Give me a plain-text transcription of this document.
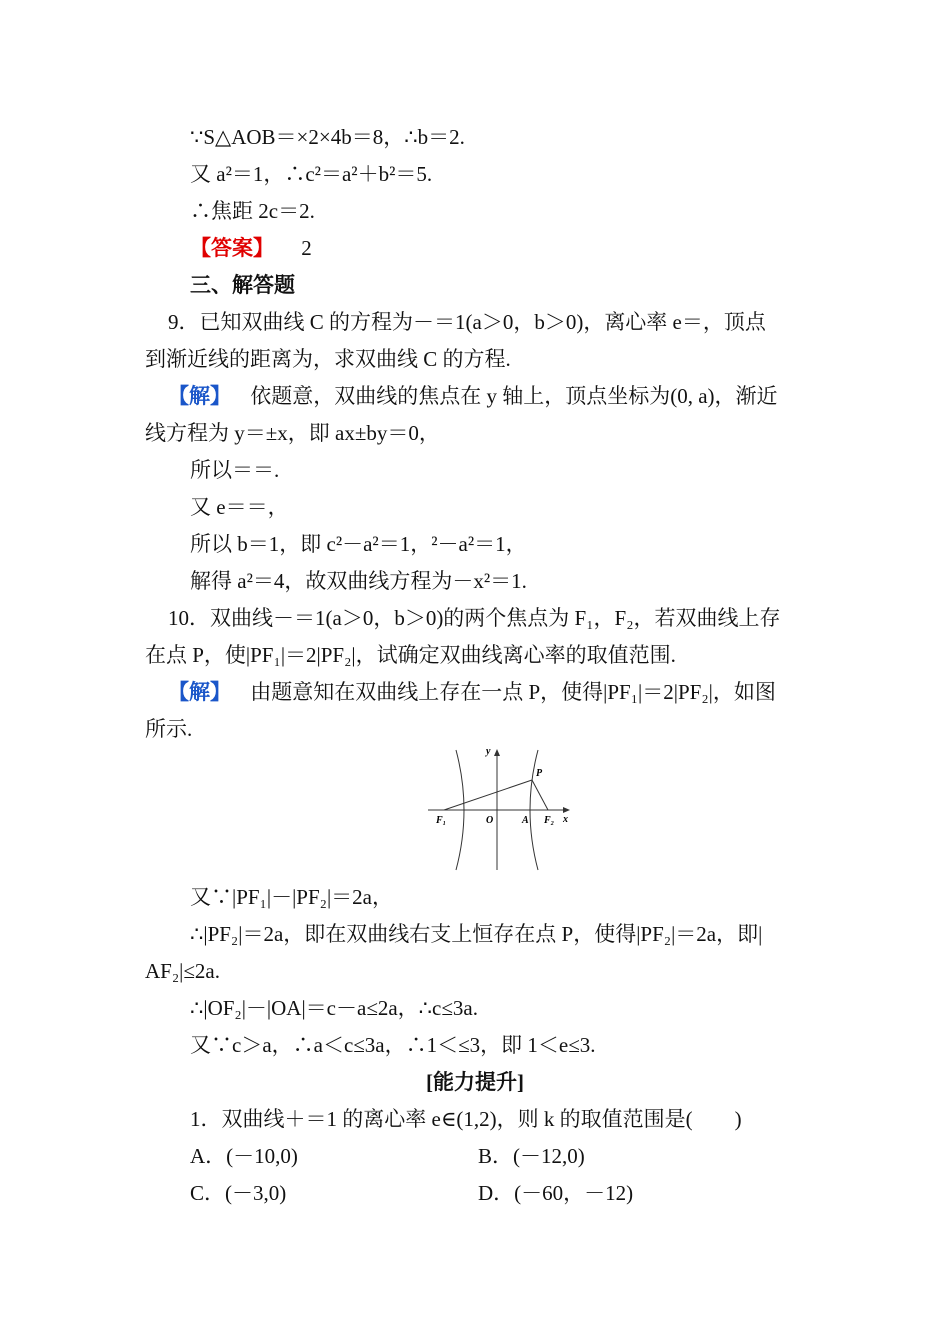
∵S△AOB＝×2×4b＝8，∴b＝2.
又 a²＝1，∴c²＝a²＋b²＝5.
∴焦距 2c＝2.
【答案】 2
三、解答题
9．已知双曲线 C 的方程为－＝1(a＞0，b＞0)，离心率 e＝，顶点
到渐近线的距离为，求双曲线 C 的方程.
【解】 依题意，双曲线的焦点在 y 轴上，顶点坐标为(0, a)，渐近
线方程为 y＝±x，即 ax±by＝0，
所以＝＝.
又 e＝＝，
所以 b＝1，即 c²－a²＝1，²－a²＝1，
解得 a²＝4，故双曲线方程为－x²＝1.
10．双曲线－＝1(a＞0，b＞0)的两个焦点为 F₁，F₂，若双曲线上存
在点 P，使|PF₁|＝2|PF₂|，试确定双曲线离心率的取值范围.
【解】 由题意知在双曲线上存在一点 P，使得|PF₁|＝2|PF₂|，如图
所示.
y
x
P
F₁	O	A F₂
又∵|PF₁|－|PF₂|＝2a，
∴|PF₂|＝2a，即在双曲线右支上恒存在点 P，使得|PF₂|＝2a，即|
AF₂|≤2a.
∴|OF₂|－|OA|＝c－a≤2a，∴c≤3a.
又∵c＞a，∴a＜c≤3a，∴1＜≤3，即 1＜e≤3.
[能力提升]
1．双曲线＋＝1 的离心率 e∈(1,2)，则 k 的取值范围是(　　)
A．(－10,0)	B．(－12,0)
C．(－3,0)	D．(－60，－12)
